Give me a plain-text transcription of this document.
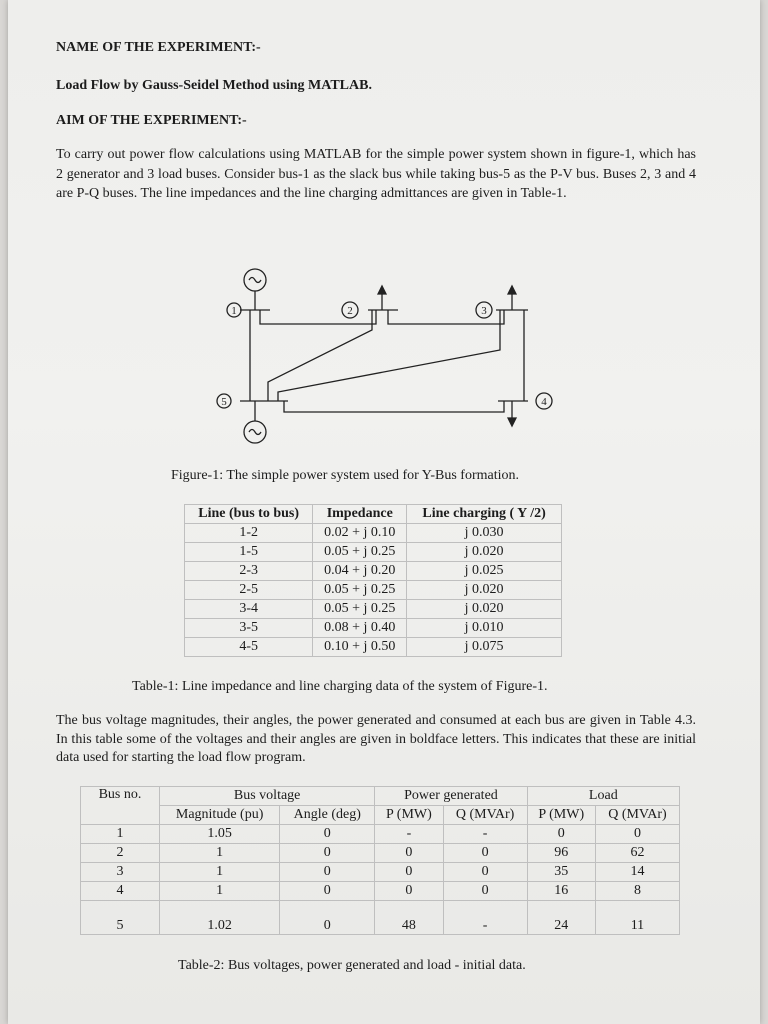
NAME OF THE EXPERIMENT:-
Load Flow by Gauss-Seidel Method using MATLAB.
AIM OF THE EXPERIMENT:-
To carry out power flow calculations using MATLAB for the simple power system shown in figure-1, which has 2 generator and 3 load buses. Consider bus-1 as the slack bus while taking bus-5 as the P-V bus. Buses 2, 3 and 4 are P-Q buses. The line impedances and the line charging admittances are given in Table-1.
1	2	3
4
5
Figure-1: The simple power system used for Y-Bus formation.
Line (bus to bus)	Impedance	Line charging ( Y /2)
1-2	0.02 + j 0.10	j 0.030
1-5	0.05 + j 0.25	j 0.020
2-3	0.04 + j 0.20	j 0.025
2-5	0.05 + j 0.25	j 0.020
3-4	0.05 + j 0.25	j 0.020
3-5	0.08 + j 0.40	j 0.010
4-5	0.10 + j 0.50	j 0.075
Table-1: Line impedance and line charging data of the system of Figure-1.
The bus voltage magnitudes, their angles, the power generated and consumed at each bus are given in Table 4.3. In this table some of the voltages and their angles are given in boldface letters. This indicates that these are initial data used for starting the load flow program.
Bus no.	Bus voltage		Power generated		Load	
	Magnitude (pu)	Angle (deg)	P (MW)	Q (MVAr)	P (MW)	Q (MVAr)
1	1.05	0	-	-	0	0
2	1	0	0	0	96	62
3	1	0	0	0	35	14
4	1	0	0	0	16	8
5	1.02	0	48	-	24	11
Table-2: Bus voltages, power generated and load - initial data.
